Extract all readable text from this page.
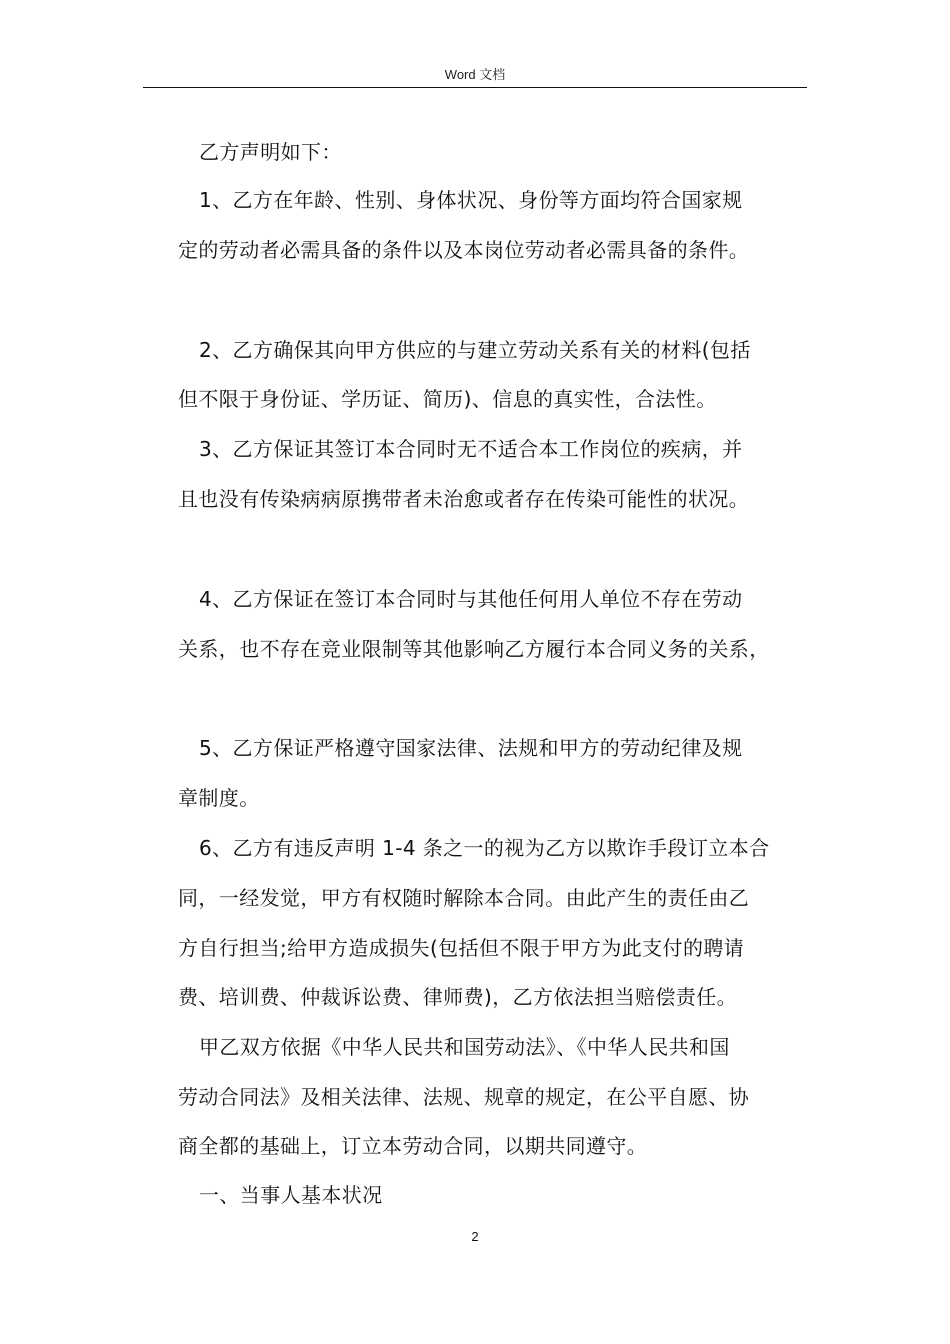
Word 文档
乙方声明如下：
1、乙方在年龄、性别、身体状况、身份等方面均符合国家规
定的劳动者必需具备的条件以及本岗位劳动者必需具备的条件。
2、乙方确保其向甲方供应的与建立劳动关系有关的材料(包括
但不限于身份证、学历证、简历)、信息的真实性，合法性。
3、乙方保证其签订本合同时无不适合本工作岗位的疾病，并
且也没有传染病病原携带者未治愈或者存在传染可能性的状况。
4、乙方保证在签订本合同时与其他任何用人单位不存在劳动
关系，也不存在竞业限制等其他影响乙方履行本合同义务的关系，
5、乙方保证严格遵守国家法律、法规和甲方的劳动纪律及规
章制度。
6、乙方有违反声明 1-4 条之一的视为乙方以欺诈手段订立本合
同，一经发觉，甲方有权随时解除本合同。由此产生的责任由乙
方自行担当;给甲方造成损失(包括但不限于甲方为此支付的聘请
费、培训费、仲裁诉讼费、律师费)，乙方依法担当赔偿责任。
甲乙双方依据《中华人民共和国劳动法》、《中华人民共和国
劳动合同法》及相关法律、法规、规章的规定，在公平自愿、协
商全都的基础上，订立本劳动合同，以期共同遵守。
一、当事人基本状况
2
